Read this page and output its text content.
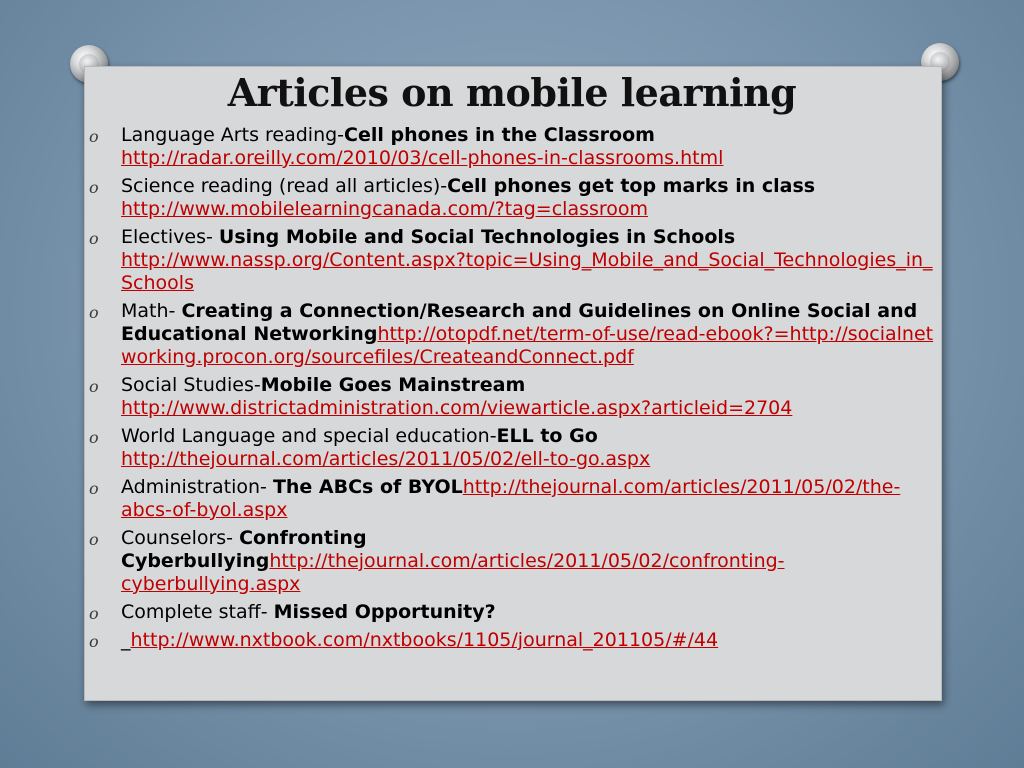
Articles on mobile learning
o Language Arts reading-Cell phones in the Classroom
http://radar.oreilly.com/2010/03/cell-phones-in-classrooms.html
o Science reading (read all articles)-Cell phones get top marks in class
http://www.mobilelearningcanada.com/?tag=classroom
o Electives- Using Mobile and Social Technologies in Schools
http://www.nassp.org/Content.aspx?topic=Using_Mobile_and_Social_Technologies_in_Schools
o Math- Creating a Connection/Research and Guidelines on Online Social and Educational Networkinghttp://otopdf.net/term-of-use/read-ebook?=http://socialnetworking.procon.org/sourcefiles/CreateandConnect.pdf
o Social Studies-Mobile Goes Mainstream
http://www.districtadministration.com/viewarticle.aspx?articleid=2704
o World Language and special education-ELL to Go
http://thejournal.com/articles/2011/05/02/ell-to-go.aspx
o Administration- The ABCs of BYOLhttp://thejournal.com/articles/2011/05/02/the-abcs-of-byol.aspx
o Counselors- Confronting Cyberbullyinghttp://thejournal.com/articles/2011/05/02/confronting-cyberbullying.aspx
o Complete staff- Missed Opportunity?
o _http://www.nxtbook.com/nxtbooks/1105/journal_201105/#/44
